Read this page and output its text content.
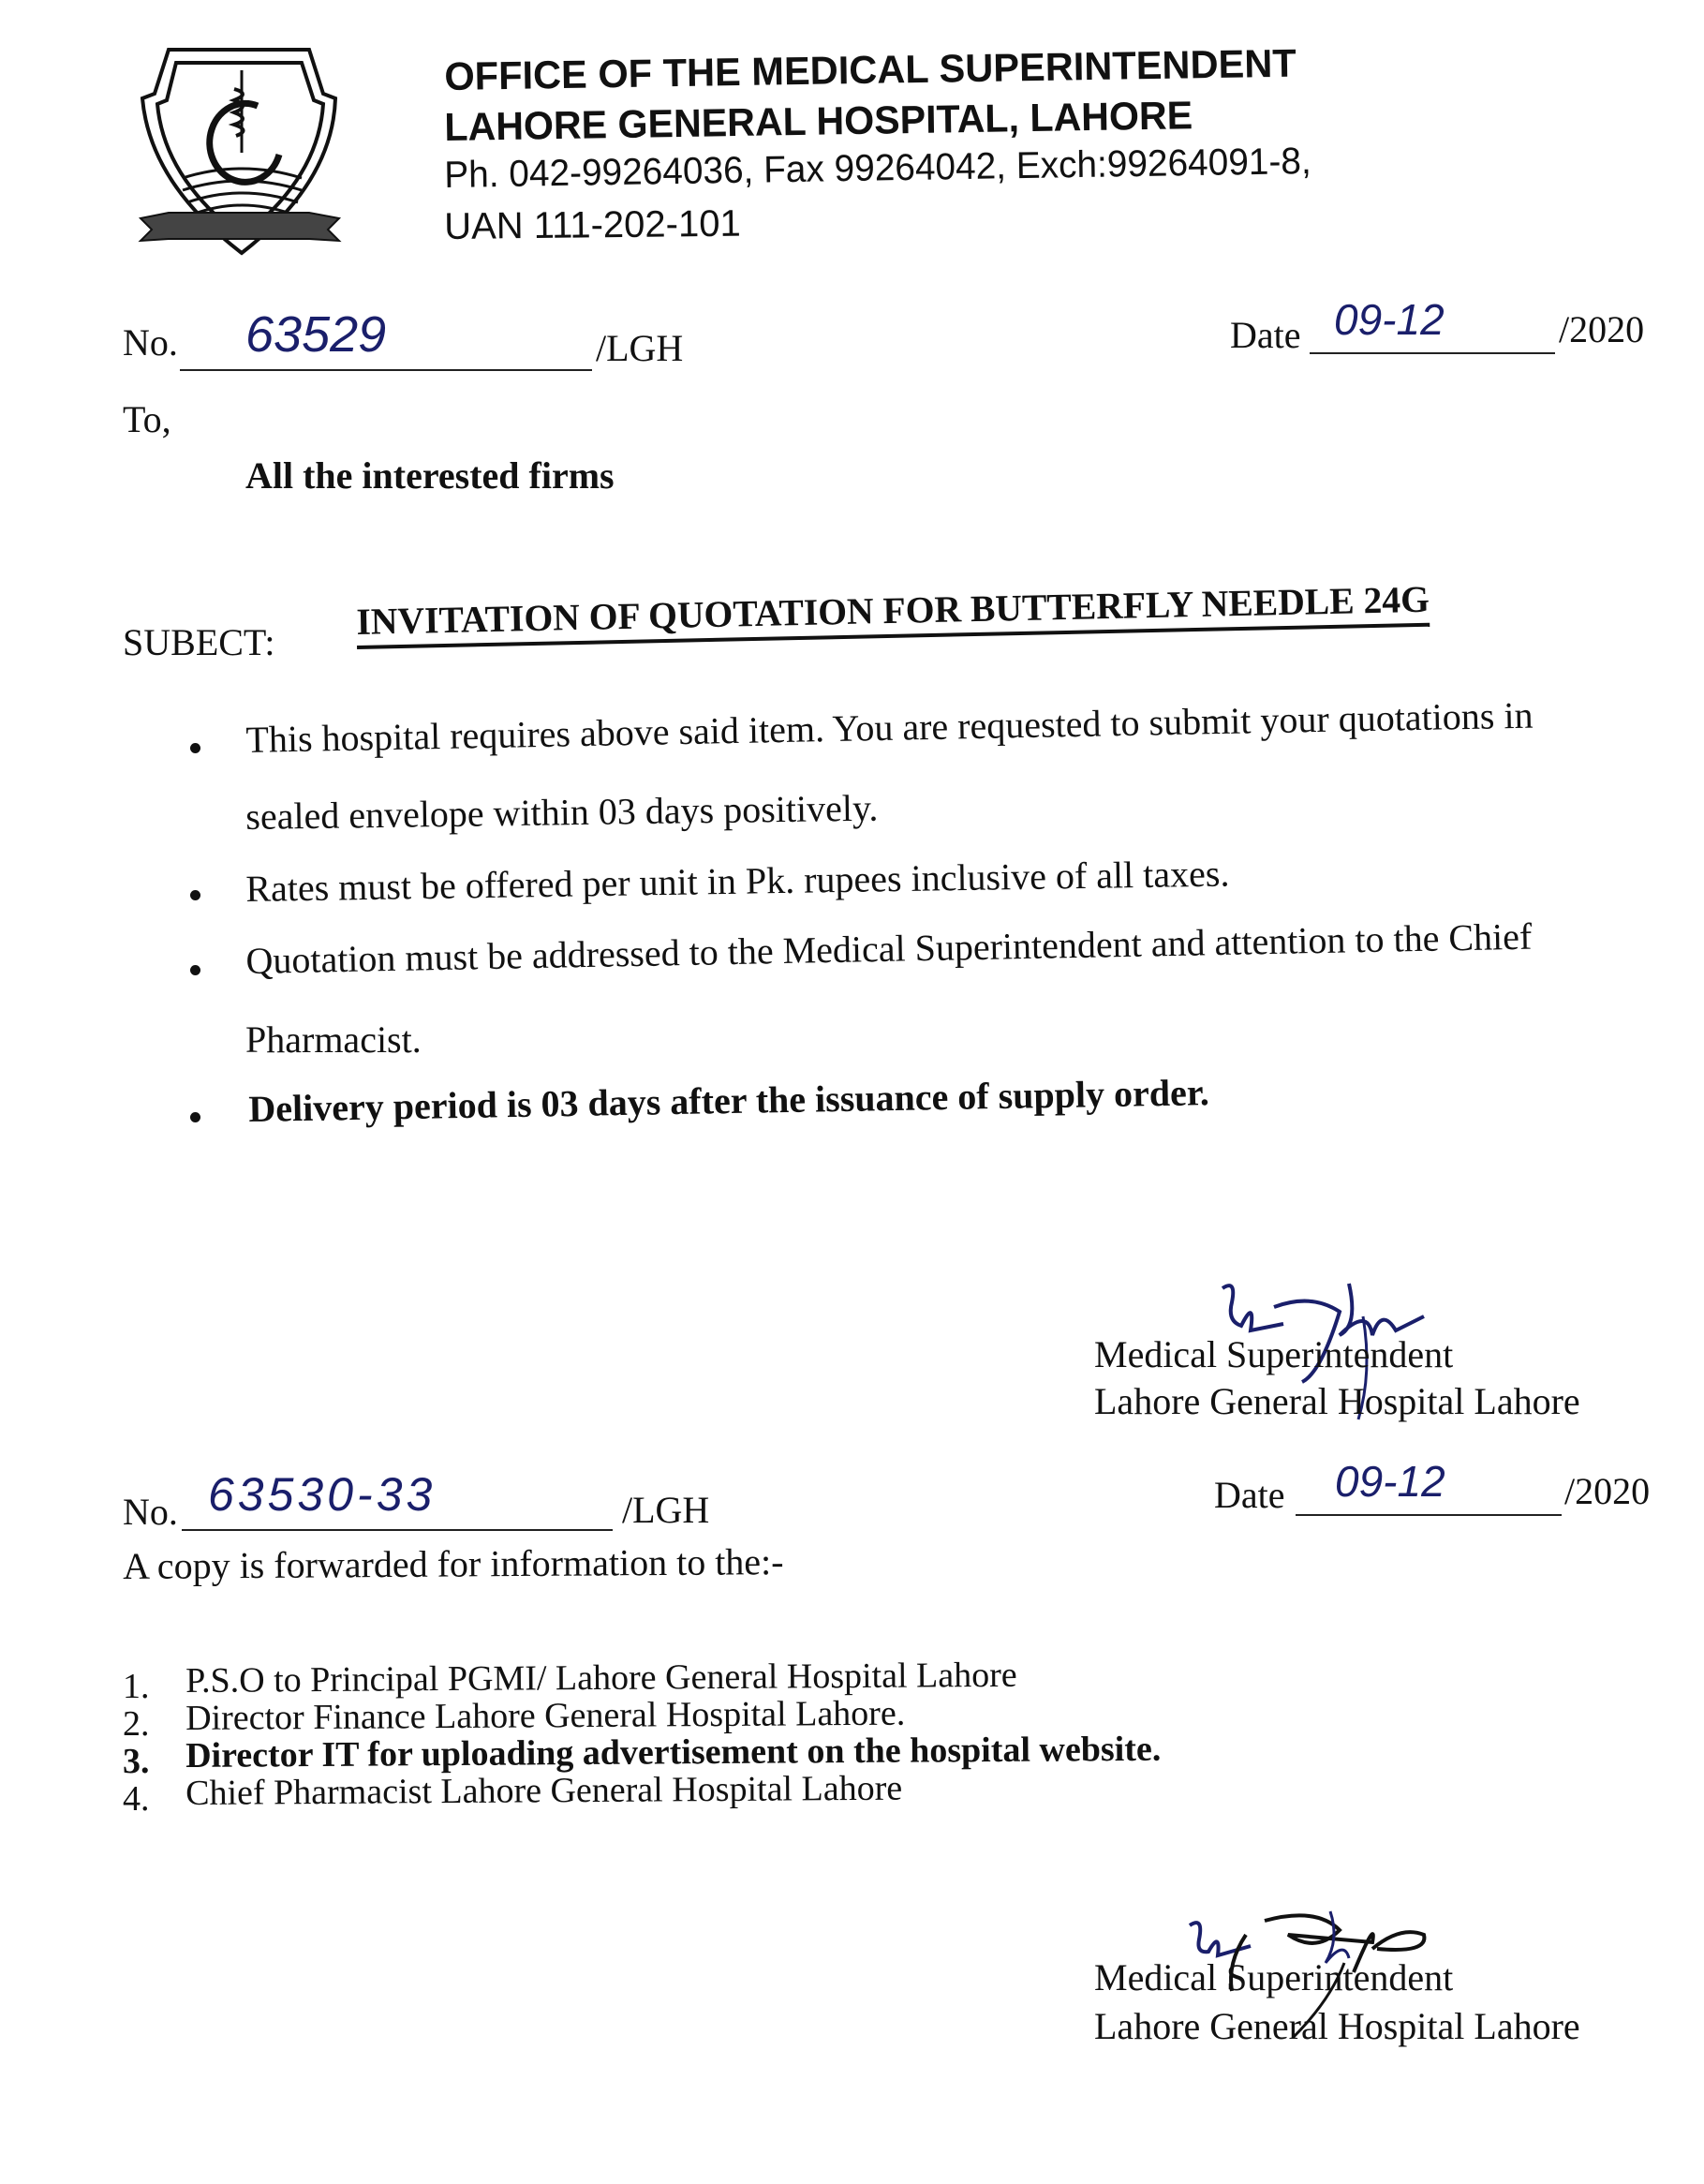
OFFICE OF THE MEDICAL SUPERINTENDENT
LAHORE GENERAL HOSPITAL, LAHORE
Ph. 042-99264036, Fax 99264042, Exch:99264091-8,
UAN 111-202-101
No. 63529	/LGH	Date 09-12	/2020
To,
All the interested firms
SUBECT: INVITATION OF QUOTATION FOR BUTTERFLY NEEDLE 24G
This hospital requires above said item. You are requested to submit your quotations in
sealed envelope within 03 days positively.
Rates must be offered per unit in Pk. rupees inclusive of all taxes.
Quotation must be addressed to the Medical Superintendent and attention to the Chief
Pharmacist.
Delivery period is 03 days after the issuance of supply order.
Medical Superintendent
Lahore General Hospital Lahore
No. 63530-33	/LGH	Date 09-12	/2020
A copy is forwarded for information to the:-
1. P.S.O to Principal PGMI/ Lahore General Hospital Lahore
2. Director Finance Lahore General Hospital Lahore.
3. Director IT for uploading advertisement on the hospital website.
4. Chief Pharmacist Lahore General Hospital Lahore
Medical Superintendent
Lahore General Hospital Lahore
